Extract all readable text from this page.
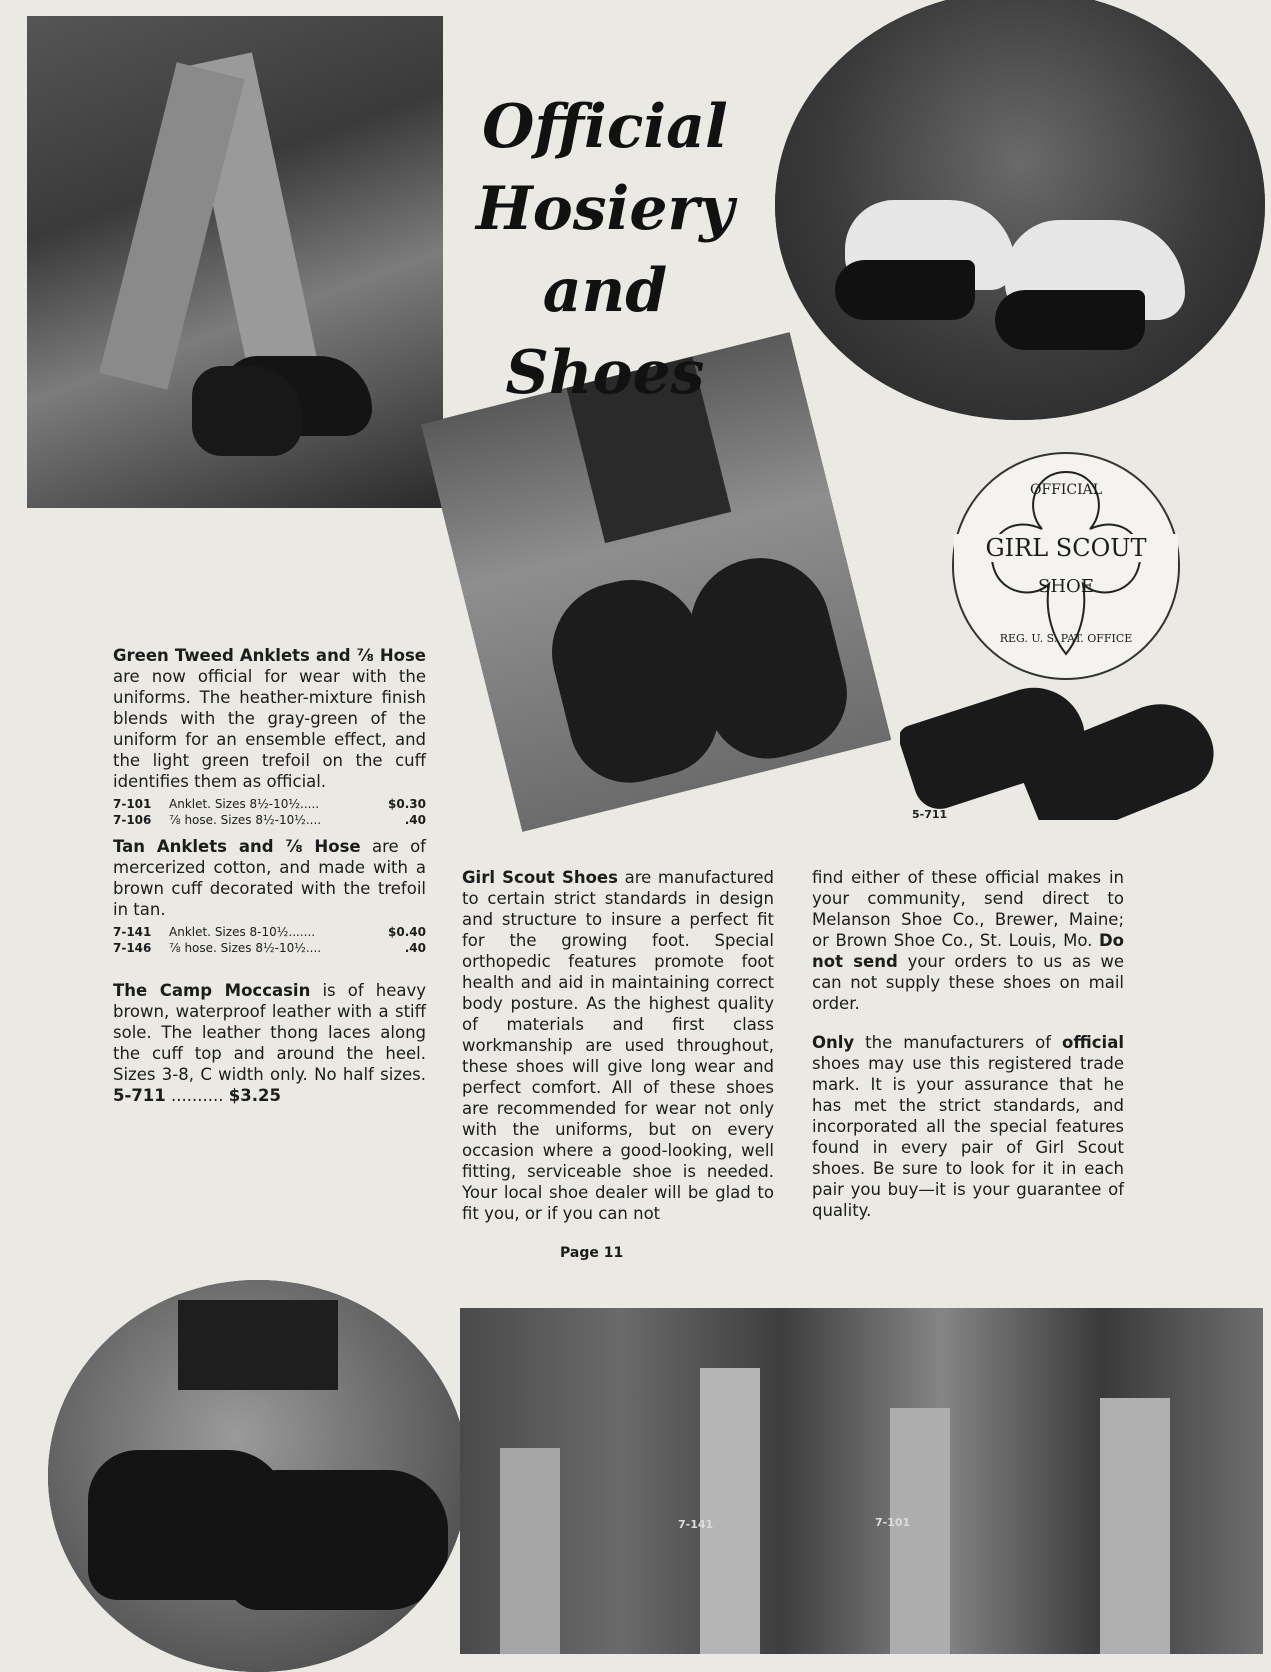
7-141	7-101
Official
Hosiery
and
Shoes
OFFICIAL
GIRL SCOUT
SHOE
REG. U. S. PAT. OFFICE
5-711
Green Tweed Anklets and ⅞ Hose are now official for wear with the uniforms. The heather-mixture finish blends with the gray-green of the uniform for an ensemble effect, and the light green trefoil on the cuff identifies them as official.
7-101	Anklet. Sizes 8½-10½.....	$0.30
7-106	⅞ hose. Sizes 8½-10½....	.40
Tan Anklets and ⅞ Hose are of mercerized cotton, and made with a brown cuff decorated with the trefoil in tan.
7-141	Anklet. Sizes 8-10½.......	$0.40
7-146	⅞ hose. Sizes 8½-10½....	.40
The Camp Moccasin is of heavy brown, waterproof leather with a stiff sole. The leather thong laces along the cuff top and around the heel. Sizes 3-8, C width only. No half sizes. 5-711 .......... $3.25
Girl Scout Shoes are manufactured to certain strict standards in design and structure to insure a perfect fit for the growing foot. Special orthopedic features promote foot health and aid in maintaining correct body posture. As the highest quality of materials and first class workmanship are used throughout, these shoes will give long wear and perfect comfort. All of these shoes are recommended for wear not only with the uniforms, but on every occasion where a good-looking, well fitting, serviceable shoe is needed. Your local shoe dealer will be glad to fit you, or if you can not
find either of these official makes in your community, send direct to Melanson Shoe Co., Brewer, Maine; or Brown Shoe Co., St. Louis, Mo. Do not send your orders to us as we can not supply these shoes on mail order.
Only the manufacturers of official shoes may use this registered trade mark. It is your assurance that he has met the strict standards, and incorporated all the special features found in every pair of Girl Scout shoes. Be sure to look for it in each pair you buy—it is your guarantee of quality.
Page 11
